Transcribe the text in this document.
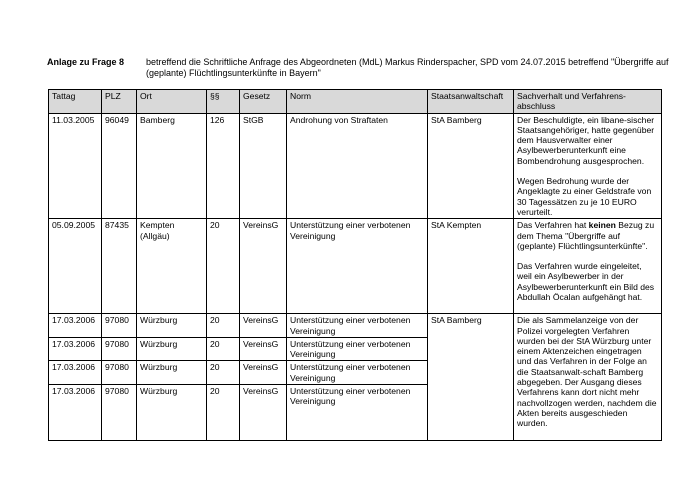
Anlage zu Frage 8 betreffend die Schriftliche Anfrage des Abgeordneten (MdL) Markus Rinderspacher, SPD vom 24.07.2015 betreffend "Übergriffe auf (geplante) Flüchtlingsunterkünfte in Bayern"
Tattag	PLZ	Ort	§§	Gesetz	Norm	Staatsanwaltschaft	Sachverhalt und Verfahrens-abschluss
11.03.2005	96049	Bamberg	126	StGB	Androhung von Straftaten	StA Bamberg	Der Beschuldigte, ein libane-sischer Staatsangehöriger, hatte gegenüber dem Hausverwalter einer Asylbewerberunterkunft eine Bombendrohung ausgesprochen.

Wegen Bedrohung wurde der Angeklagte zu einer Geldstrafe von 30 Tagessätzen zu je 10 EURO verurteilt.

05.09.2005	87435	Kempten (Allgäu)	20	VereinsG	Unterstützung einer verbotenen Vereinigung	StA Kempten	Das Verfahren hat keinen Bezug zu dem Thema "Übergriffe auf (geplante) Flüchtlingsunterkünfte".

Das Verfahren wurde eingeleitet, weil ein Asylbewerber in der Asylbewerberunterkunft ein Bild des Abdullah Öcalan aufgehängt hat.

17.03.2006	97080	Würzburg	20	VereinsG	Unterstützung einer verbotenen Vereinigung	StA Bamberg	Die als Sammelanzeige von der Polizei vorgelegten Verfahren wurden bei der StA Würzburg unter einem Aktenzeichen eingetragen und das Verfahren in der Folge an die Staatsanwalt-schaft Bamberg abgegeben. Der Ausgang dieses Verfahrens kann dort nicht mehr nachvollzogen werden, nachdem die Akten bereits ausgeschieden wurden.
17.03.2006	97080	Würzburg	20	VereinsG	Unterstützung einer verbotenen Vereinigung		
17.03.2006	97080	Würzburg	20	VereinsG	Unterstützung einer verbotenen Vereinigung		
17.03.2006	97080	Würzburg	20	VereinsG	Unterstützung einer verbotenen Vereinigung		
